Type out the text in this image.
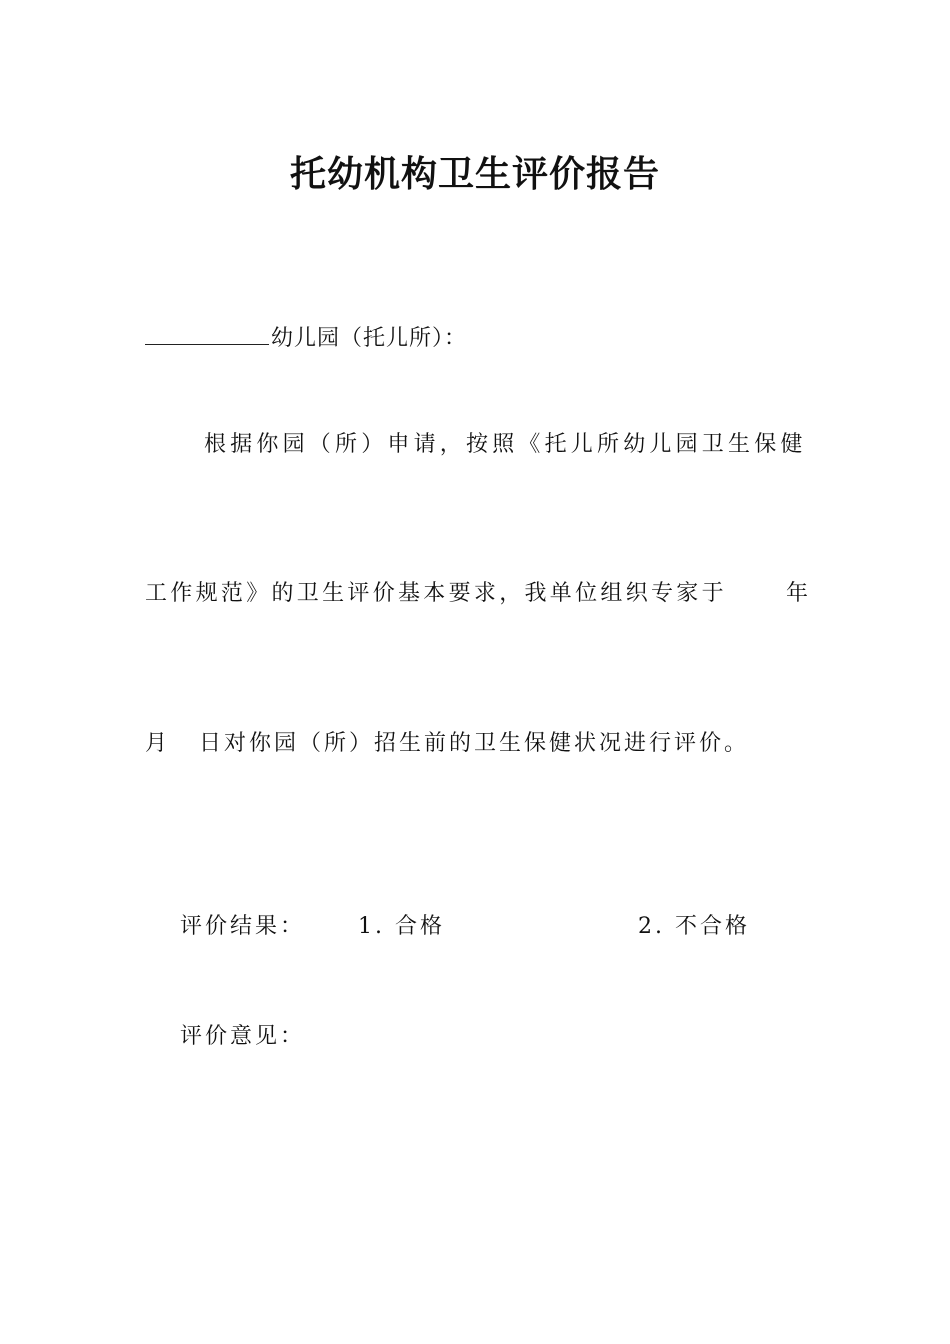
托幼机构卫生评价报告
幼儿园（托儿所）：
根据你园（所）申请，按照《托儿所幼儿园卫生保健
工作规范》的卫生评价基本要求，我单位组织专家于	年
月 日对你园（所）招生前的卫生保健状况进行评价。
评价结果： 1. 合格	2. 不合格
评价意见：
